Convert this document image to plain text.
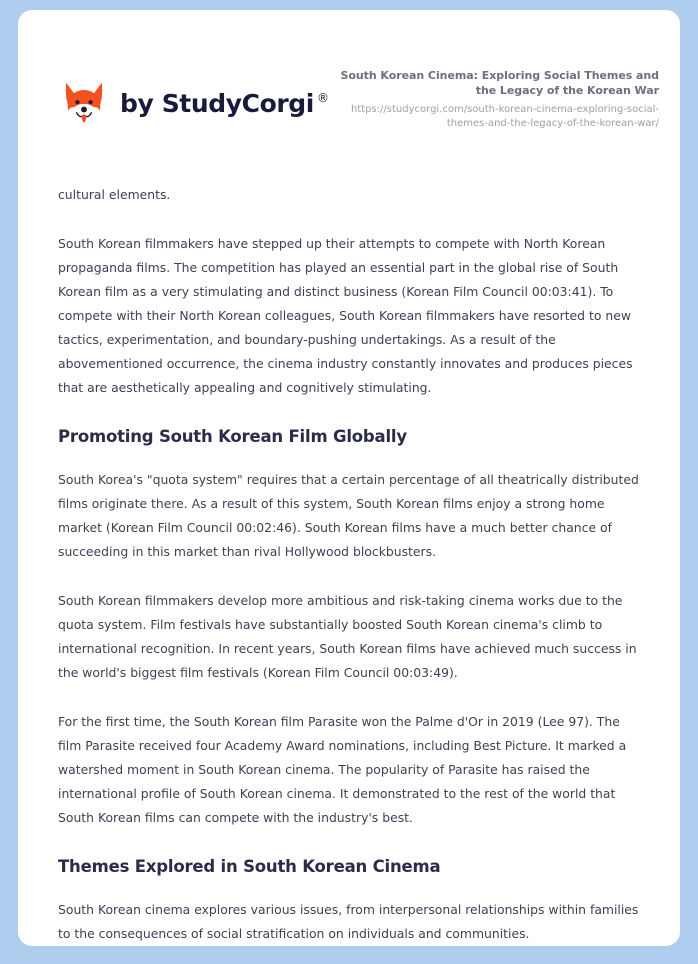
by StudyCorgi ®
South Korean Cinema: Exploring Social Themes and the Legacy of the Korean War
https://studycorgi.com/south-korean-cinema-exploring-social-themes-and-the-legacy-of-the-korean-war/

cultural elements.

South Korean filmmakers have stepped up their attempts to compete with North Korean propaganda films. The competition has played an essential part in the global rise of South Korean film as a very stimulating and distinct business (Korean Film Council 00:03:41). To compete with their North Korean colleagues, South Korean filmmakers have resorted to new tactics, experimentation, and boundary-pushing undertakings. As a result of the abovementioned occurrence, the cinema industry constantly innovates and produces pieces that are aesthetically appealing and cognitively stimulating.

Promoting South Korean Film Globally

South Korea's "quota system" requires that a certain percentage of all theatrically distributed films originate there. As a result of this system, South Korean films enjoy a strong home market (Korean Film Council 00:02:46). South Korean films have a much better chance of succeeding in this market than rival Hollywood blockbusters.

South Korean filmmakers develop more ambitious and risk-taking cinema works due to the quota system. Film festivals have substantially boosted South Korean cinema's climb to international recognition. In recent years, South Korean films have achieved much success in the world's biggest film festivals (Korean Film Council 00:03:49).

For the first time, the South Korean film Parasite won the Palme d'Or in 2019 (Lee 97). The film Parasite received four Academy Award nominations, including Best Picture. It marked a watershed moment in South Korean cinema. The popularity of Parasite has raised the international profile of South Korean cinema. It demonstrated to the rest of the world that South Korean films can compete with the industry's best.

Themes Explored in South Korean Cinema

South Korean cinema explores various issues, from interpersonal relationships within families to the consequences of social stratification on individuals and communities.
